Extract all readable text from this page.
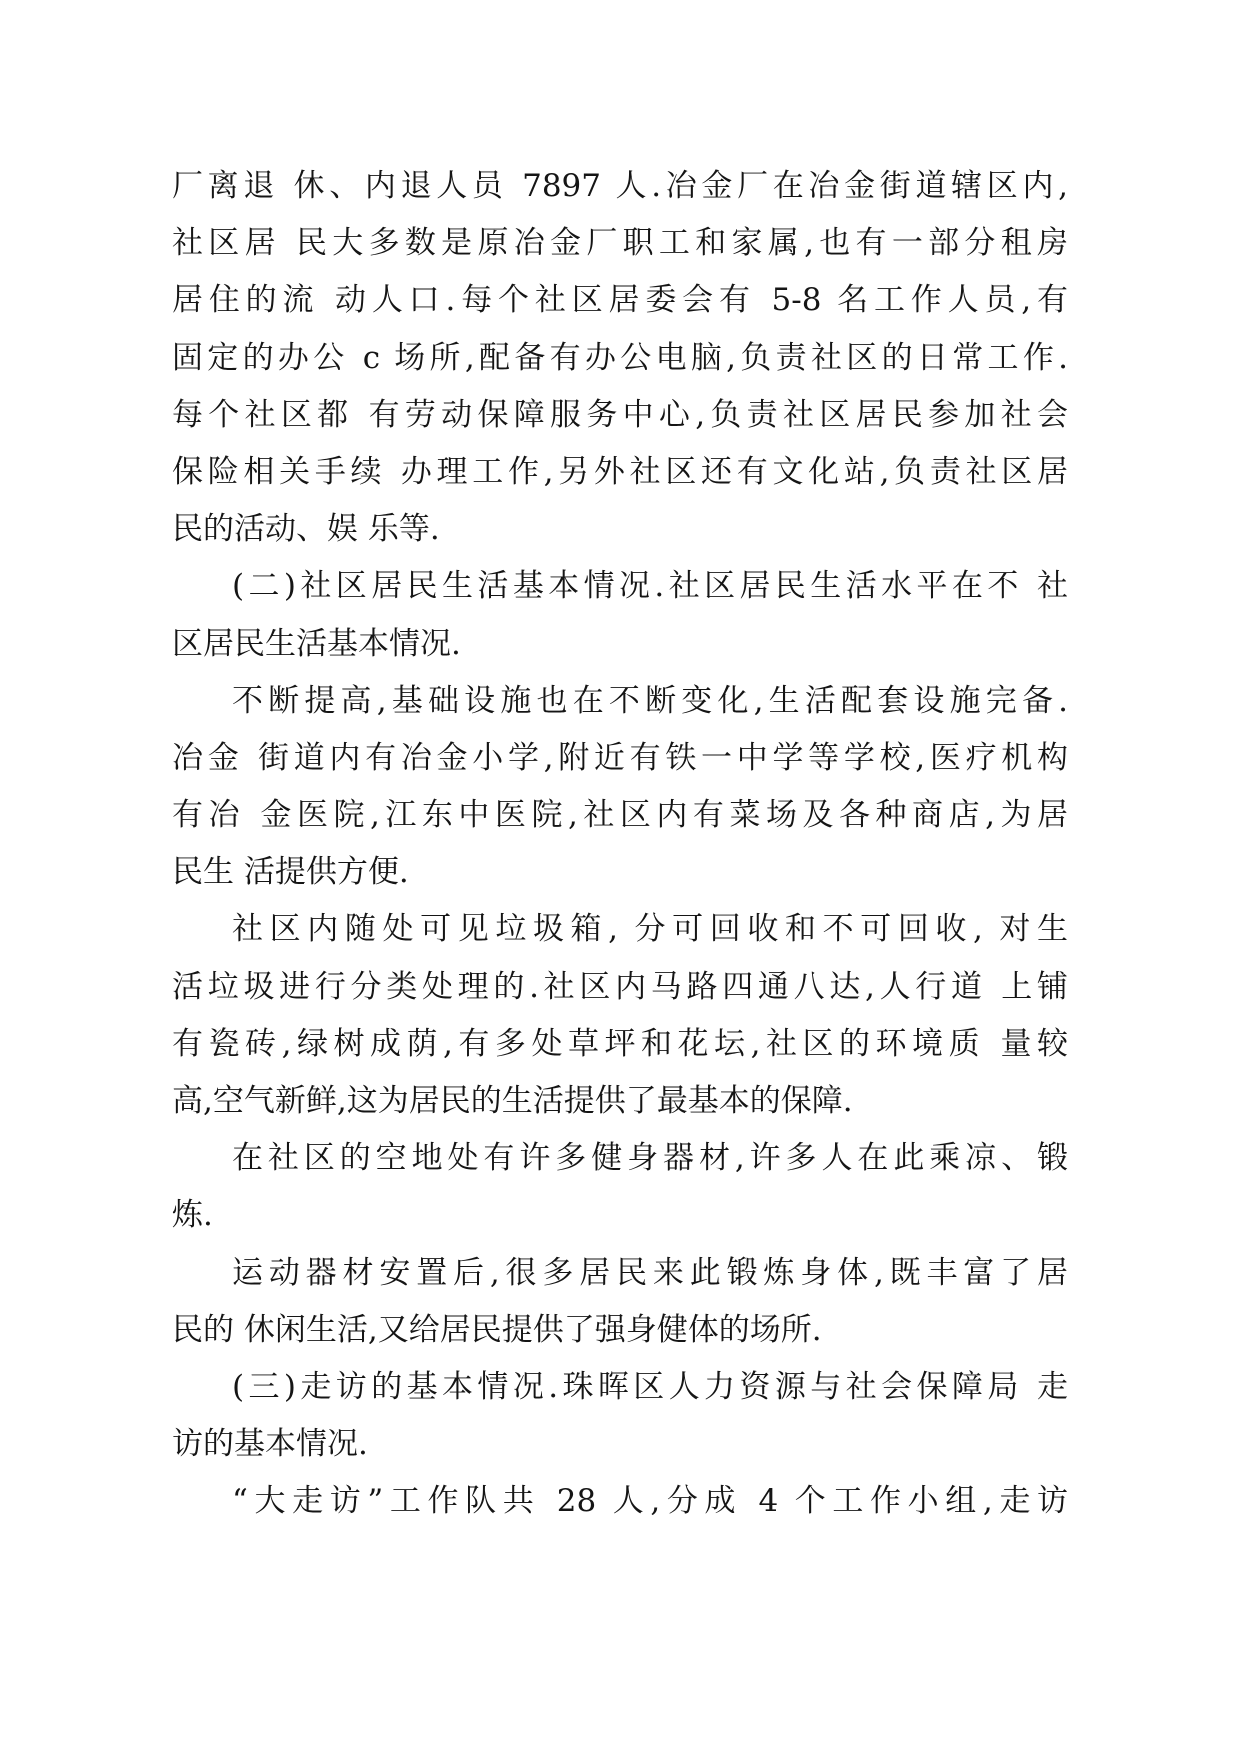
厂离退 休、内退人员 7897 人.冶金厂在冶金街道辖区内,
社区居 民大多数是原冶金厂职工和家属,也有一部分租房
居住的流 动人口.每个社区居委会有 5-8 名工作人员,有
固定的办公 c 场所,配备有办公电脑,负责社区的日常工作.
每个社区都 有劳动保障服务中心,负责社区居民参加社会
保险相关手续 办理工作,另外社区还有文化站,负责社区居
民的活动、娱 乐等.
(二)社区居民生活基本情况.社区居民生活水平在不 社
区居民生活基本情况.
不断提高,基础设施也在不断变化,生活配套设施完备.
冶金 街道内有冶金小学,附近有铁一中学等学校,医疗机构
有冶 金医院,江东中医院,社区内有菜场及各种商店,为居
民生 活提供方便.
社区内随处可见垃圾箱, 分可回收和不可回收, 对生
活垃圾进行分类处理的.社区内马路四通八达,人行道 上铺
有瓷砖,绿树成荫,有多处草坪和花坛,社区的环境质 量较
高,空气新鲜,这为居民的生活提供了最基本的保障.
在社区的空地处有许多健身器材,许多人在此乘凉、锻
炼.
运动器材安置后,很多居民来此锻炼身体,既丰富了居
民的 休闲生活,又给居民提供了强身健体的场所.
(三)走访的基本情况.珠晖区人力资源与社会保障局 走
访的基本情况.
“大走访”工作队共 28 人,分成 4 个工作小组,走访
